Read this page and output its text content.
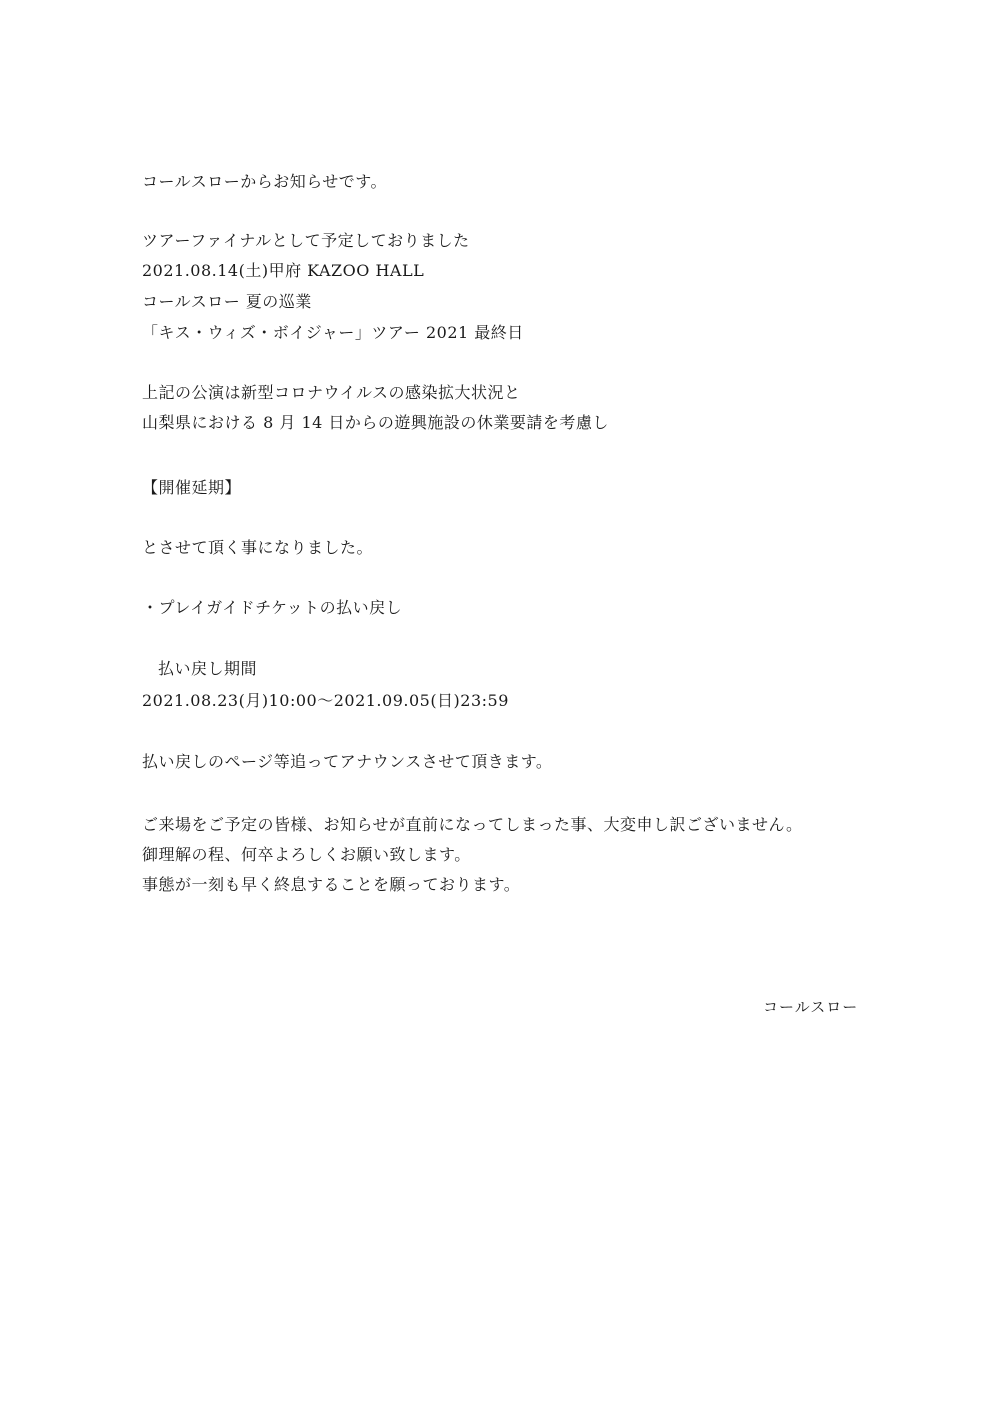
コールスローからお知らせです。
ツアーファイナルとして予定しておりました
2021.08.14(土)甲府 KAZOO HALL
コールスロー 夏の巡業
「キス・ウィズ・ボイジャー」ツアー 2021 最終日
上記の公演は新型コロナウイルスの感染拡大状況と
山梨県における 8 月 14 日からの遊興施設の休業要請を考慮し
【開催延期】
とさせて頂く事になりました。
・プレイガイドチケットの払い戻し
払い戻し期間
2021.08.23(月)10:00〜2021.09.05(日)23:59
払い戻しのページ等追ってアナウンスさせて頂きます。
ご来場をご予定の皆様、お知らせが直前になってしまった事、大変申し訳ございません。
御理解の程、何卒よろしくお願い致します。
事態が一刻も早く終息することを願っております。
コールスロー
